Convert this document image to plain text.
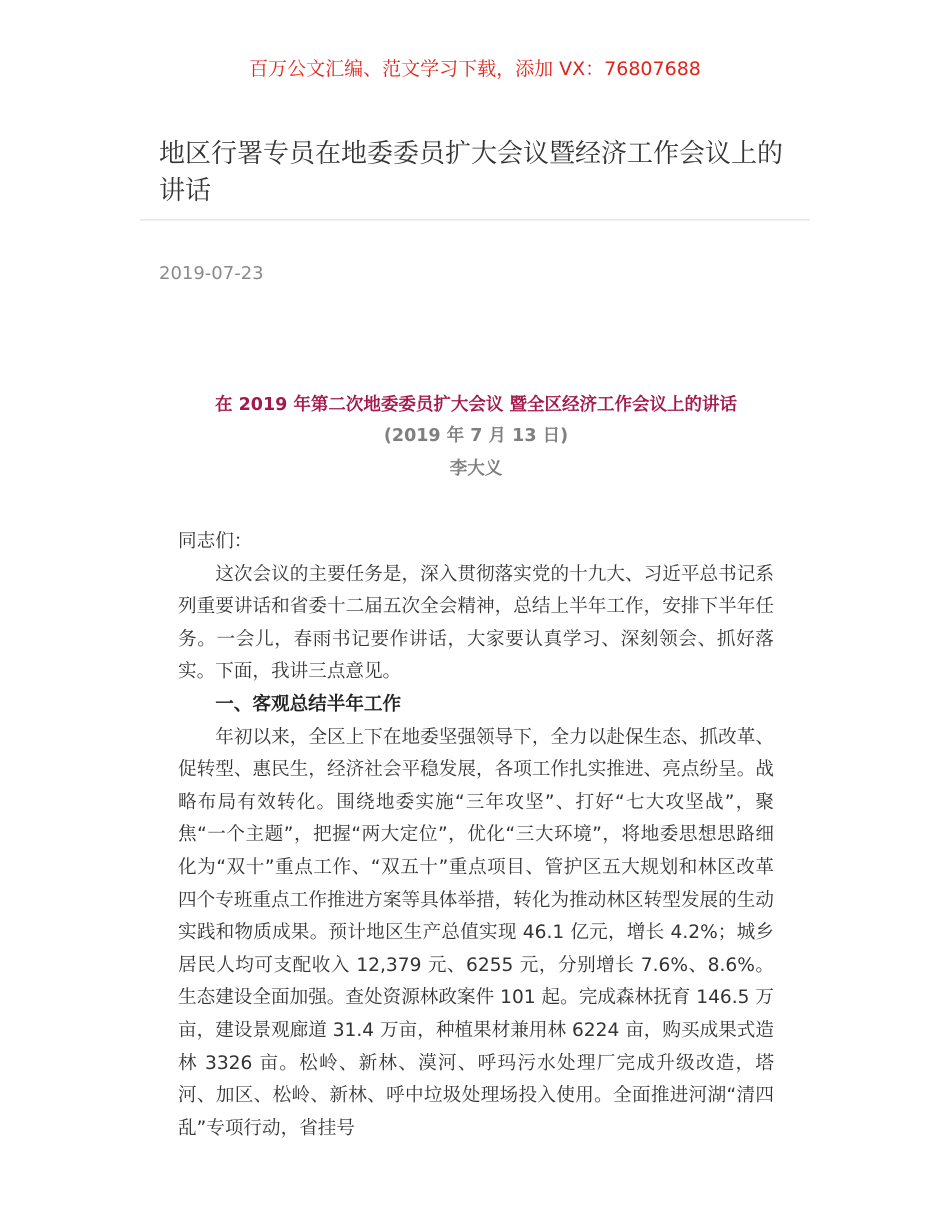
百万公文汇编、范文学习下载，添加 VX：76807688
地区行署专员在地委委员扩大会议暨经济工作会议上的讲话
2019-07-23
在 2019 年第二次地委委员扩大会议 暨全区经济工作会议上的讲话
(2019 年 7 月 13 日)
李大义

同志们：

这次会议的主要任务是，深入贯彻落实党的十九大、习近平总书记系列重要讲话和省委十二届五次全会精神，总结上半年工作，安排下半年任务。一会儿，春雨书记要作讲话，大家要认真学习、深刻领会、抓好落实。下面，我讲三点意见。

一、客观总结半年工作

年初以来，全区上下在地委坚强领导下，全力以赴保生态、抓改革、促转型、惠民生，经济社会平稳发展，各项工作扎实推进、亮点纷呈。战略布局有效转化。围绕地委实施“三年攻坚”、打好“七大攻坚战”，聚焦“一个主题”，把握“两大定位”，优化“三大环境”，将地委思想思路细化为“双十”重点工作、“双五十”重点项目、管护区五大规划和林区改革四个专班重点工作推进方案等具体举措，转化为推动林区转型发展的生动实践和物质成果。预计地区生产总值实现 46.1 亿元，增长 4.2%；城乡居民人均可支配收入 12,379 元、6255 元，分别增长 7.6%、8.6%。生态建设全面加强。查处资源林政案件 101 起。完成森林抚育 146.5 万亩，建设景观廊道 31.4 万亩，种植果材兼用林 6224 亩，购买成果式造林 3326 亩。松岭、新林、漠河、呼玛污水处理厂完成升级改造，塔河、加区、松岭、新林、呼中垃圾处理场投入使用。全面推进河湖“清四乱”专项行动，省挂号
